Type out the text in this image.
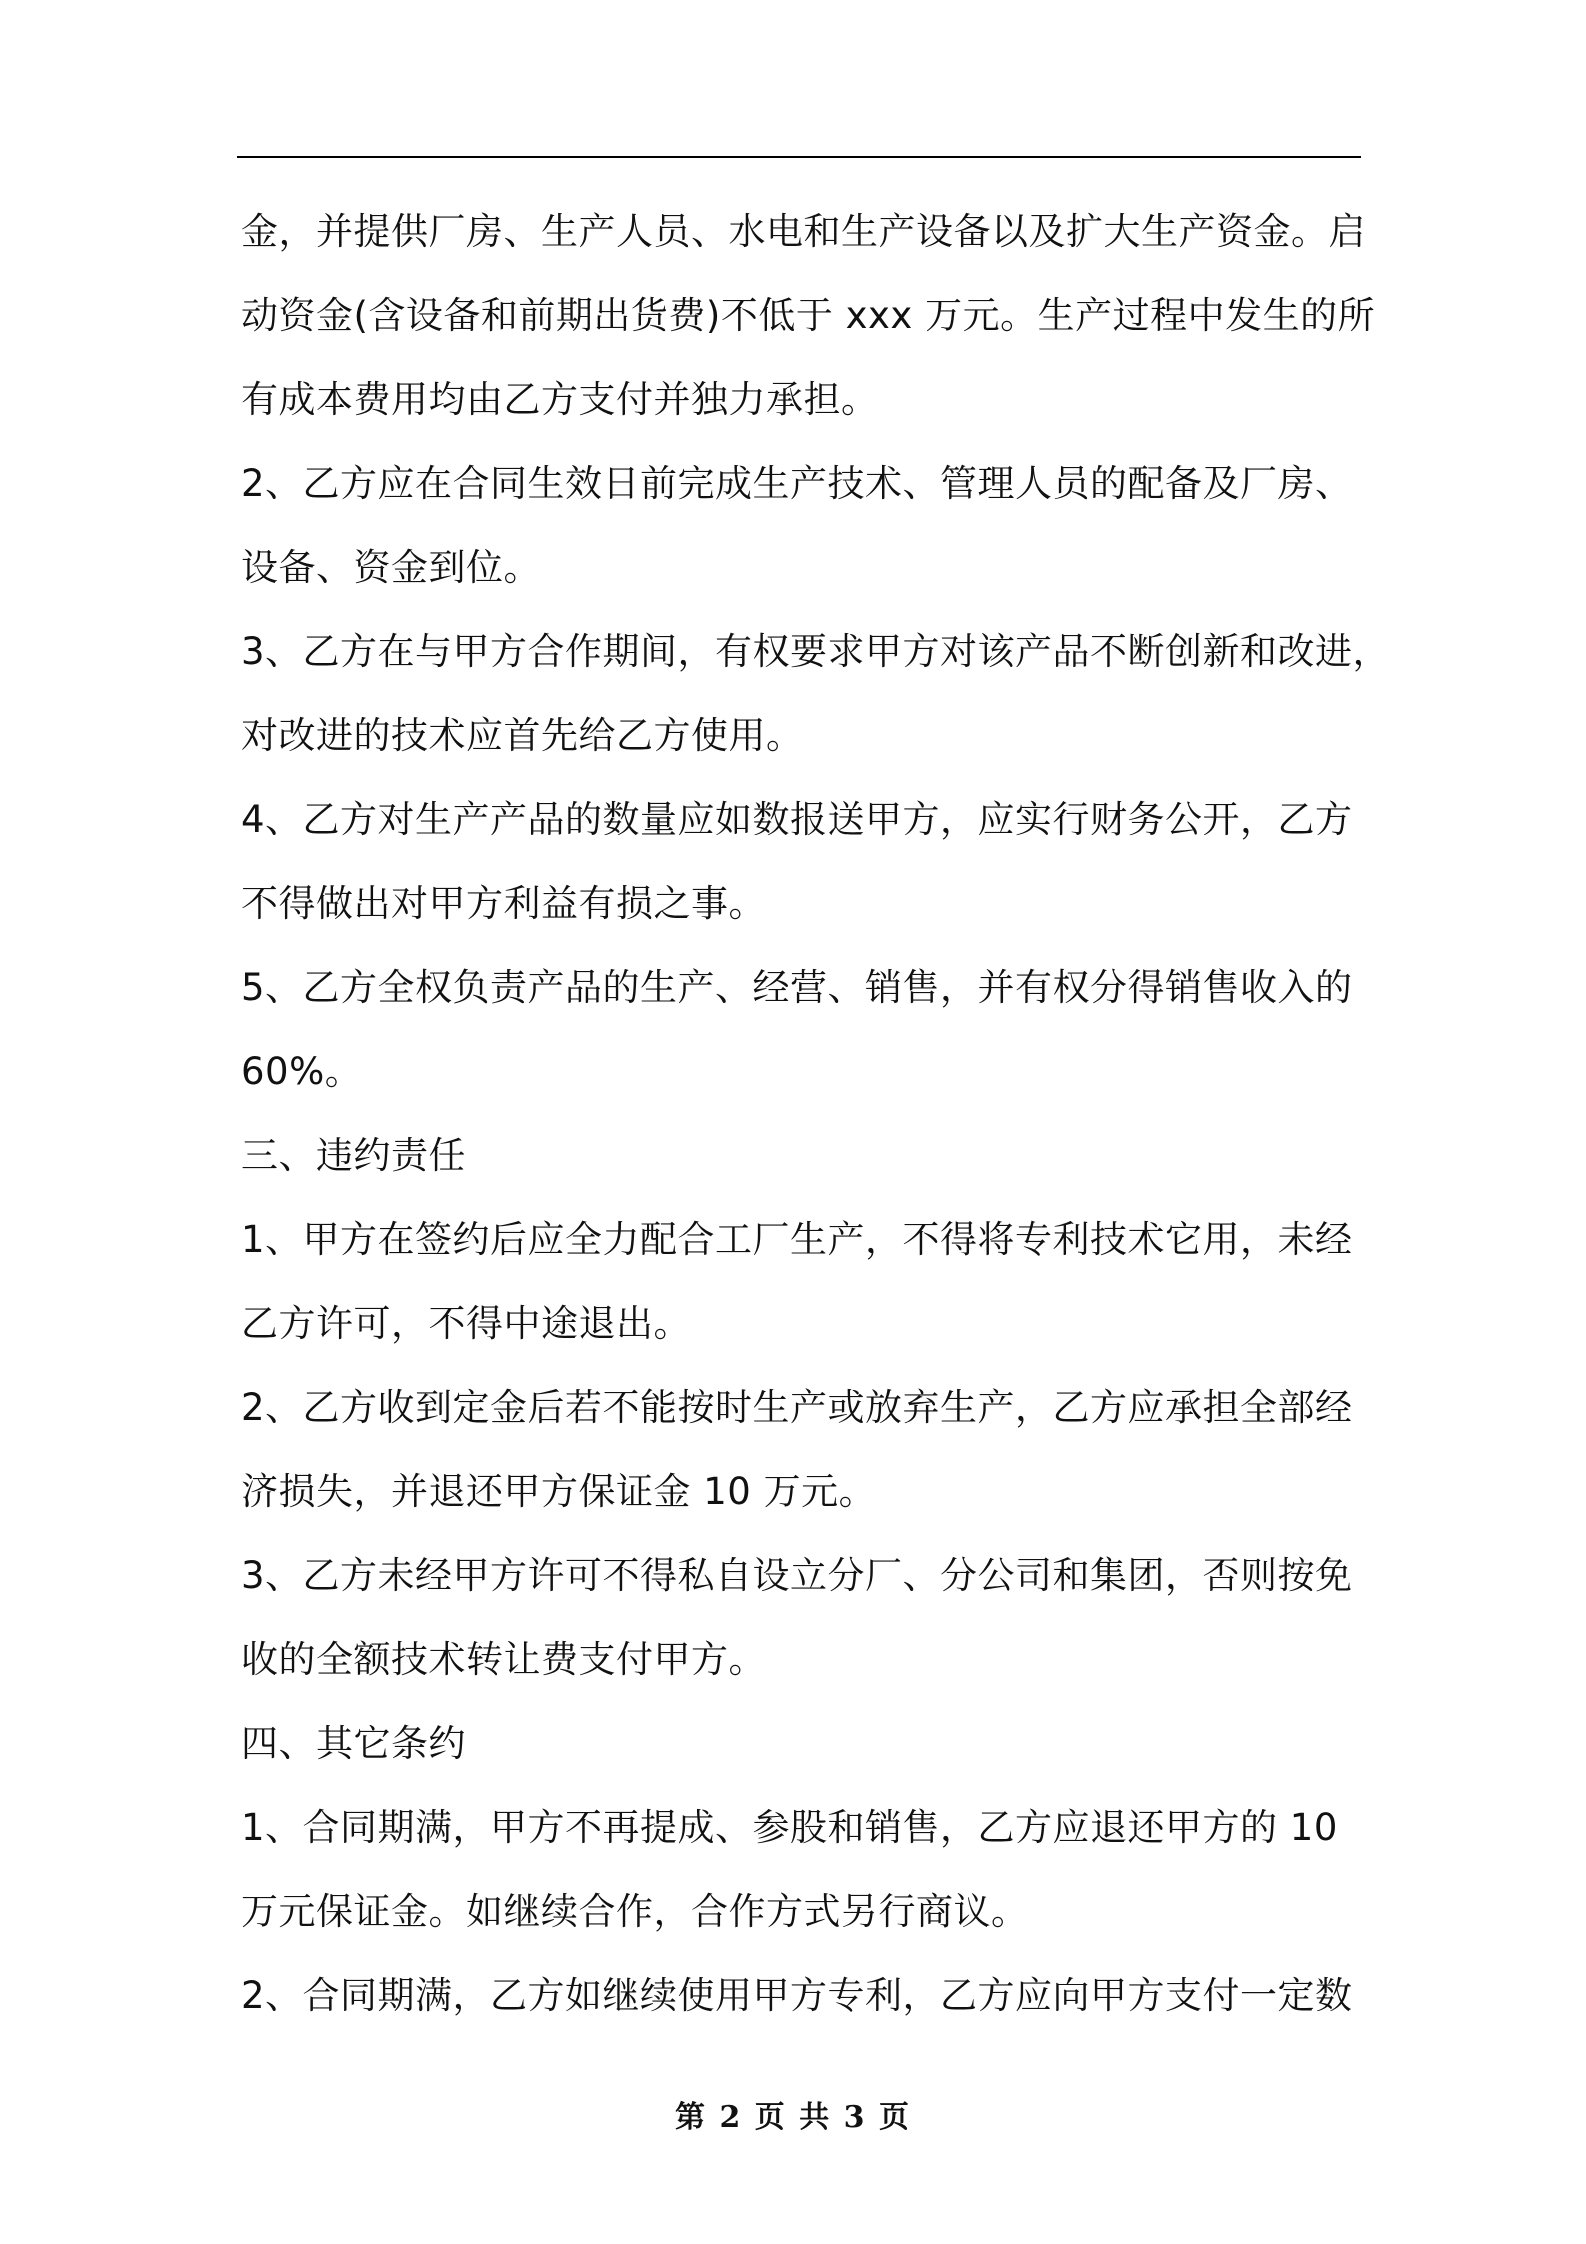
金，并提供厂房、生产人员、水电和生产设备以及扩大生产资金。启
动资金(含设备和前期出货费)不低于 xxx 万元。生产过程中发生的所
有成本费用均由乙方支付并独力承担。
2、乙方应在合同生效日前完成生产技术、管理人员的配备及厂房、
设备、资金到位。
3、乙方在与甲方合作期间，有权要求甲方对该产品不断创新和改进，
对改进的技术应首先给乙方使用。
4、乙方对生产产品的数量应如数报送甲方，应实行财务公开，乙方
不得做出对甲方利益有损之事。
5、乙方全权负责产品的生产、经营、销售，并有权分得销售收入的
60%。
三、违约责任
1、甲方在签约后应全力配合工厂生产，不得将专利技术它用，未经
乙方许可，不得中途退出。
2、乙方收到定金后若不能按时生产或放弃生产，乙方应承担全部经
济损失，并退还甲方保证金 10 万元。
3、乙方未经甲方许可不得私自设立分厂、分公司和集团，否则按免
收的全额技术转让费支付甲方。
四、其它条约
1、合同期满，甲方不再提成、参股和销售，乙方应退还甲方的 10
万元保证金。如继续合作，合作方式另行商议。
2、合同期满，乙方如继续使用甲方专利，乙方应向甲方支付一定数
第 2 页 共 3 页
